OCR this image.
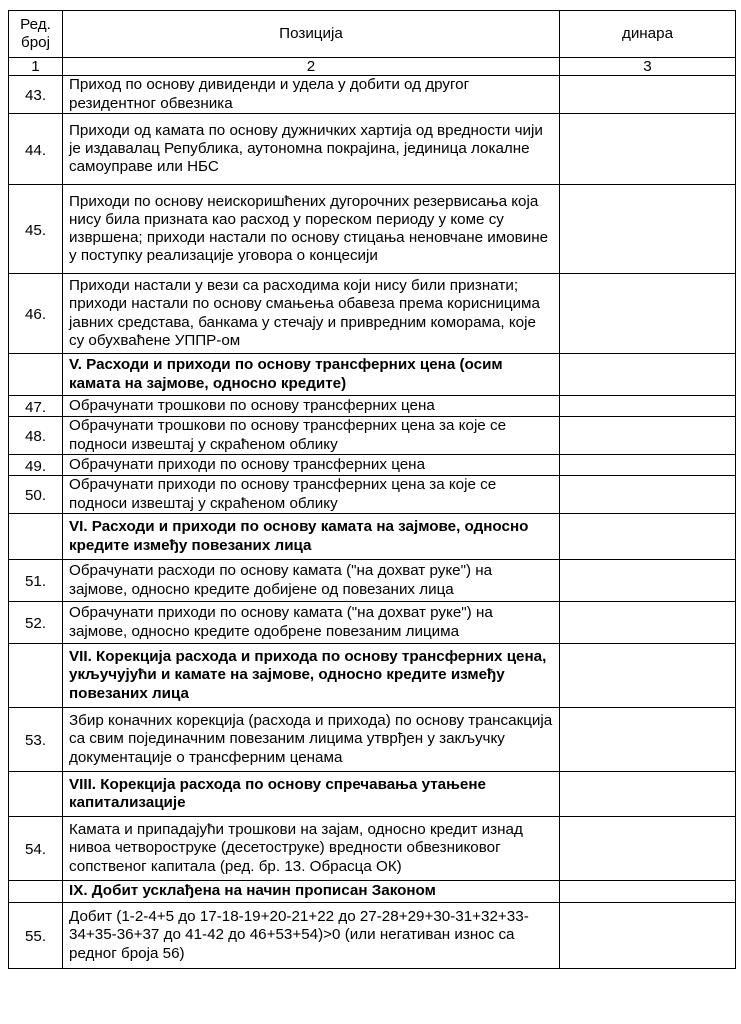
Ред.
број	Позиција	динара
1	2	3
43.	Приход по основу дивиденди и удела у добити од другог резидентног обвезника	
44.	Приходи од камата по основу дужничких хартија од вредности чији је издавалац Република, аутономна покрајина, јединица локалне самоуправе или НБС	
45.	Приходи по основу неискоришћених дугорочних резервисања која нису била призната као расход у пореском периоду у коме су извршена; приходи настали по основу стицања неновчане имовине у поступку реализације уговора о концесији	
46.	Приходи настали у вези са расходима који нису били признати; приходи настали по основу смањења обавеза према корисницима јавних средстава, банкама у стечају и привредним коморама, које су обухваћене УППР-ом	
	V. Расходи и приходи по основу трансферних цена (осим камата на зајмове, односно кредите)	
47.	Обрачунати трошкови по основу трансферних цена	
48.	Обрачунати трошкови по основу трансферних цена за које се подноси извештај у скраћеном облику	
49.	Обрачунати приходи по основу трансферних цена	
50.	Обрачунати приходи по основу трансферних цена за које се подноси извештај у скраћеном облику	
	VI. Расходи и приходи по основу камата на зајмове, односно кредите између повезаних лица	
51.	Обрачунати расходи по основу камата ("на дохват руке") на зајмове, односно кредите добијене од повезаних лица	
52.	Обрачунати приходи по основу камата ("на дохват руке") на зајмове, односно кредите одобрене повезаним лицима	
	VII. Корекција расхода и прихода по основу трансферних цена, укључујући и камате на зајмове, односно кредите између повезаних лица	
53.	Збир коначних корекција (расхода и прихода) по основу трансакција са свим појединачним повезаним лицима утврђен у закључку документације о трансферним ценама	
	VIII. Корекција расхода по основу спречавања утањене капитализације	
54.	Камата и припадајући трошкови на зајам, односно кредит изнад нивоа четвороструке (десетоструке) вредности обвезниковог сопственог капитала (ред. бр. 13. Обрасца ОК)	
	IX. Добит усклађена на начин прописан Законом	
55.	Добит (1-2-4+5 до 17-18-19+20-21+22 до 27-28+29+30-31+32+33-34+35-36+37 до 41-42 до 46+53+54)>0 (или негативан износ са редног броја 56)	
